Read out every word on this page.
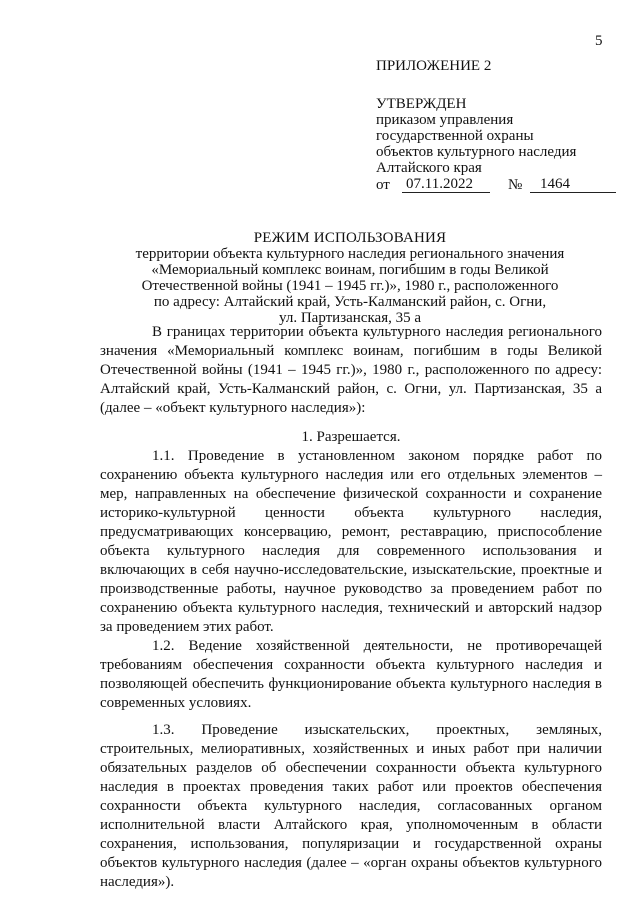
5
ПРИЛОЖЕНИЕ 2
УТВЕРЖДЕН
приказом управления
государственной охраны
объектов культурного наследия
Алтайского края
от	07.11.2022	№	1464
РЕЖИМ ИСПОЛЬЗОВАНИЯ
территории объекта культурного наследия регионального значения
«Мемориальный комплекс воинам, погибшим в годы Великой
Отечественной войны (1941 – 1945 гг.)», 1980 г., расположенного
по адресу: Алтайский край, Усть-Калманский район, с. Огни,
ул. Партизанская, 35 а

В границах территории объекта культурного наследия регионального значения «Мемориальный комплекс воинам, погибшим в годы Великой Отечественной войны (1941 – 1945 гг.)», 1980 г., расположенного по адресу: Алтайский край, Усть-Калманский район, с. Огни, ул. Партизанская, 35 а (далее – «объект культурного наследия»):

1. Разрешается.

1.1. Проведение в установленном законом порядке работ по сохранению объекта культурного наследия или его отдельных элементов – мер, направленных на обеспечение физической сохранности и сохранение историко-культурной ценности объекта культурного наследия, предусматривающих консервацию, ремонт, реставрацию, приспособление объекта культурного наследия для современного использования и включающих в себя научно-исследовательские, изыскательские, проектные и производственные работы, научное руководство за проведением работ по сохранению объекта культурного наследия, технический и авторский надзор за проведением этих работ.

1.2. Ведение хозяйственной деятельности, не противоречащей требованиям обеспечения сохранности объекта культурного наследия и позволяющей обеспечить функционирование объекта культурного наследия в современных условиях.

1.3. Проведение изыскательских, проектных, земляных, строительных, мелиоративных, хозяйственных и иных работ при наличии обязательных разделов об обеспечении сохранности объекта культурного наследия в проектах проведения таких работ или проектов обеспечения сохранности объекта культурного наследия, согласованных органом исполнительной власти Алтайского края, уполномоченным в области сохранения, использования, популяризации и государственной охраны объектов культурного наследия (далее – «орган охраны объектов культурного наследия»).
